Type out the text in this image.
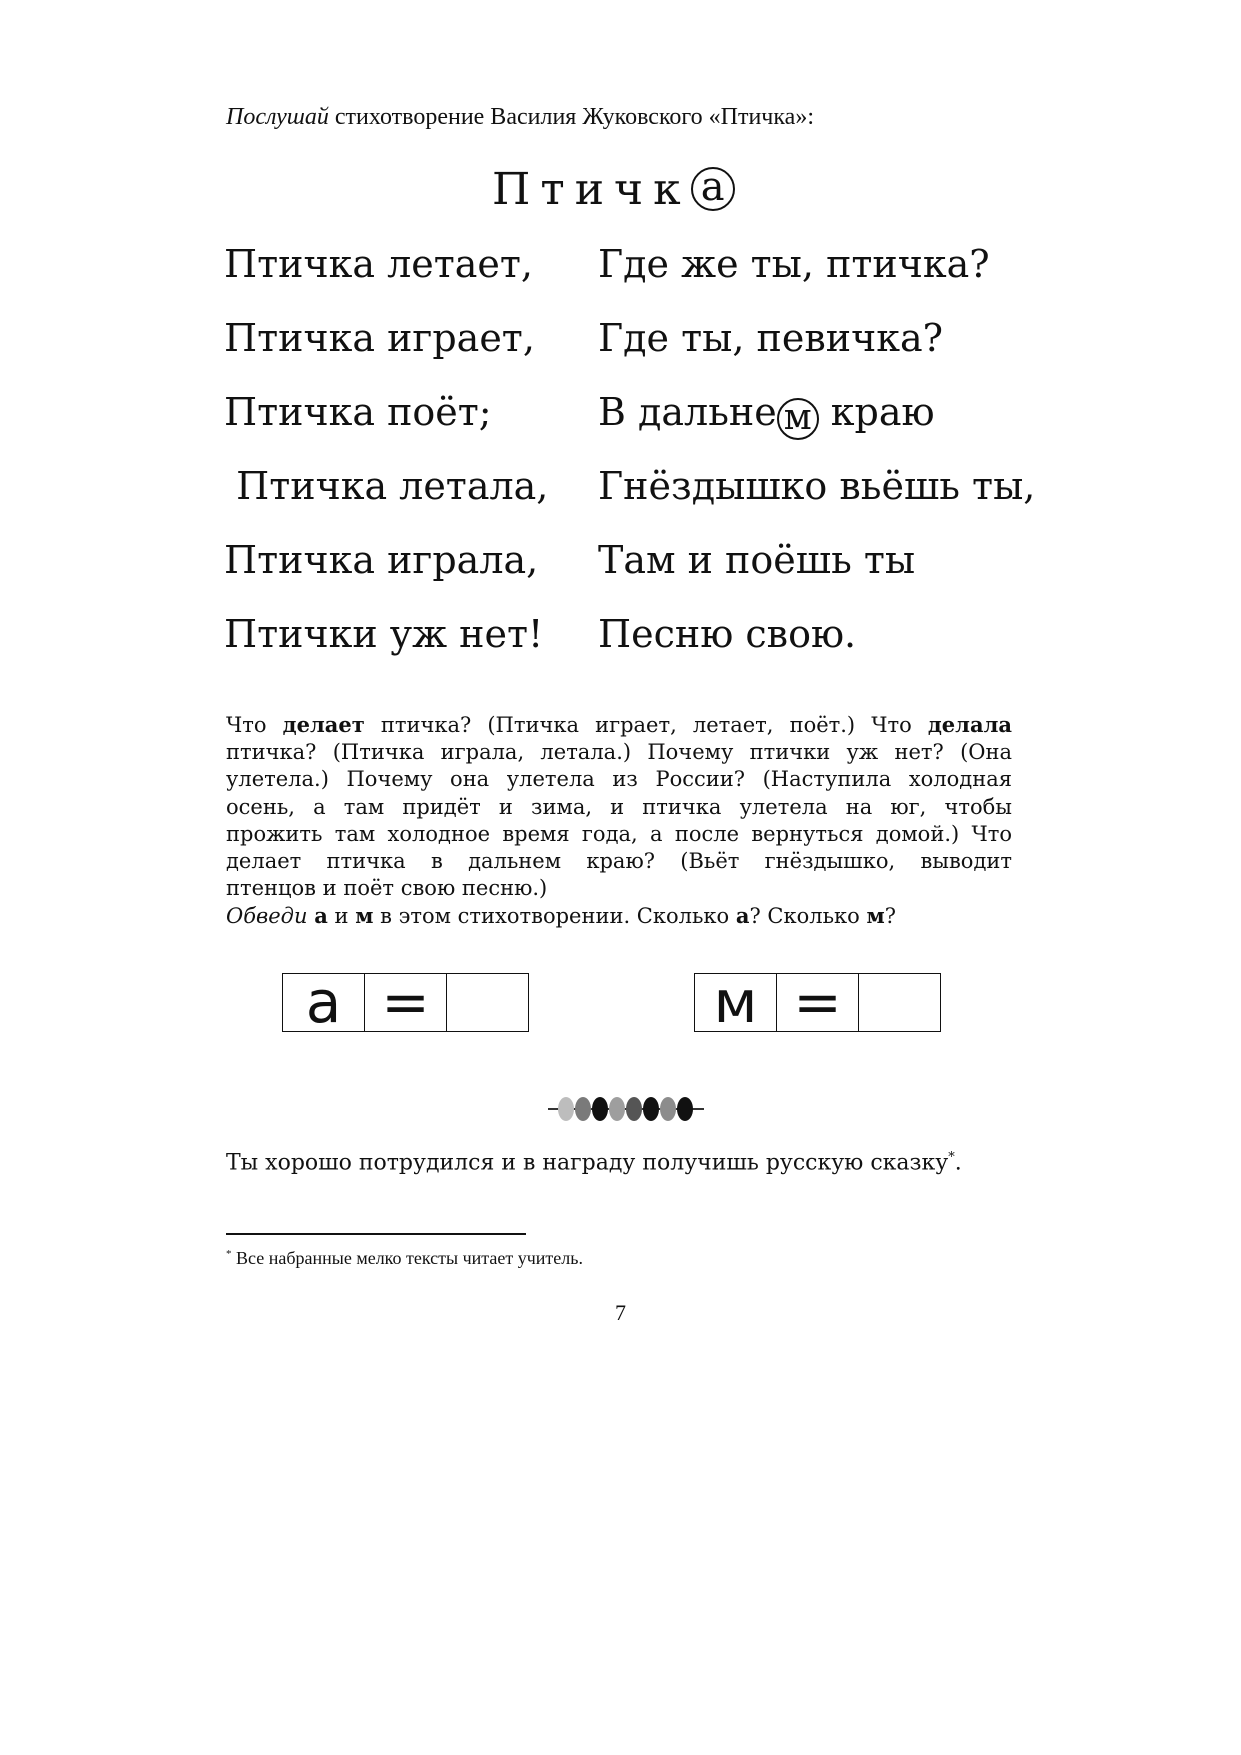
Послушай стихотворение Василия Жуковского «Птичка»:
Птичк а
Птичка летает,
Птичка играет,
Птичка поёт;
Птичка летала,
Птичка играла,
Птички уж нет!
Где же ты, птичка?
Где ты, певичка?
В дальне м краю
Гнёздышко вьёшь ты,
Там и поёшь ты
Песню свою.
Что делает птичка? (Птичка играет, летает, поёт.) Что делала
птичка? (Птичка играла, летала.) Почему птички уж нет? (Она
улетела.) Почему она улетела из России? (Наступила холодная
осень, а там придёт и зима, и птичка улетела на юг, чтобы
прожить там холодное время года, а после вернуться домой.) Что
делает птичка в дальнем краю? (Вьёт гнёздышко, выводит
птенцов и поёт свою песню.)
Обведи а и м в этом стихотворении. Сколько а? Сколько м?
а	=		м	=	
Ты хорошо потрудился и в награду получишь русскую сказку*.
* Все набранные мелко тексты читает учитель.
7
